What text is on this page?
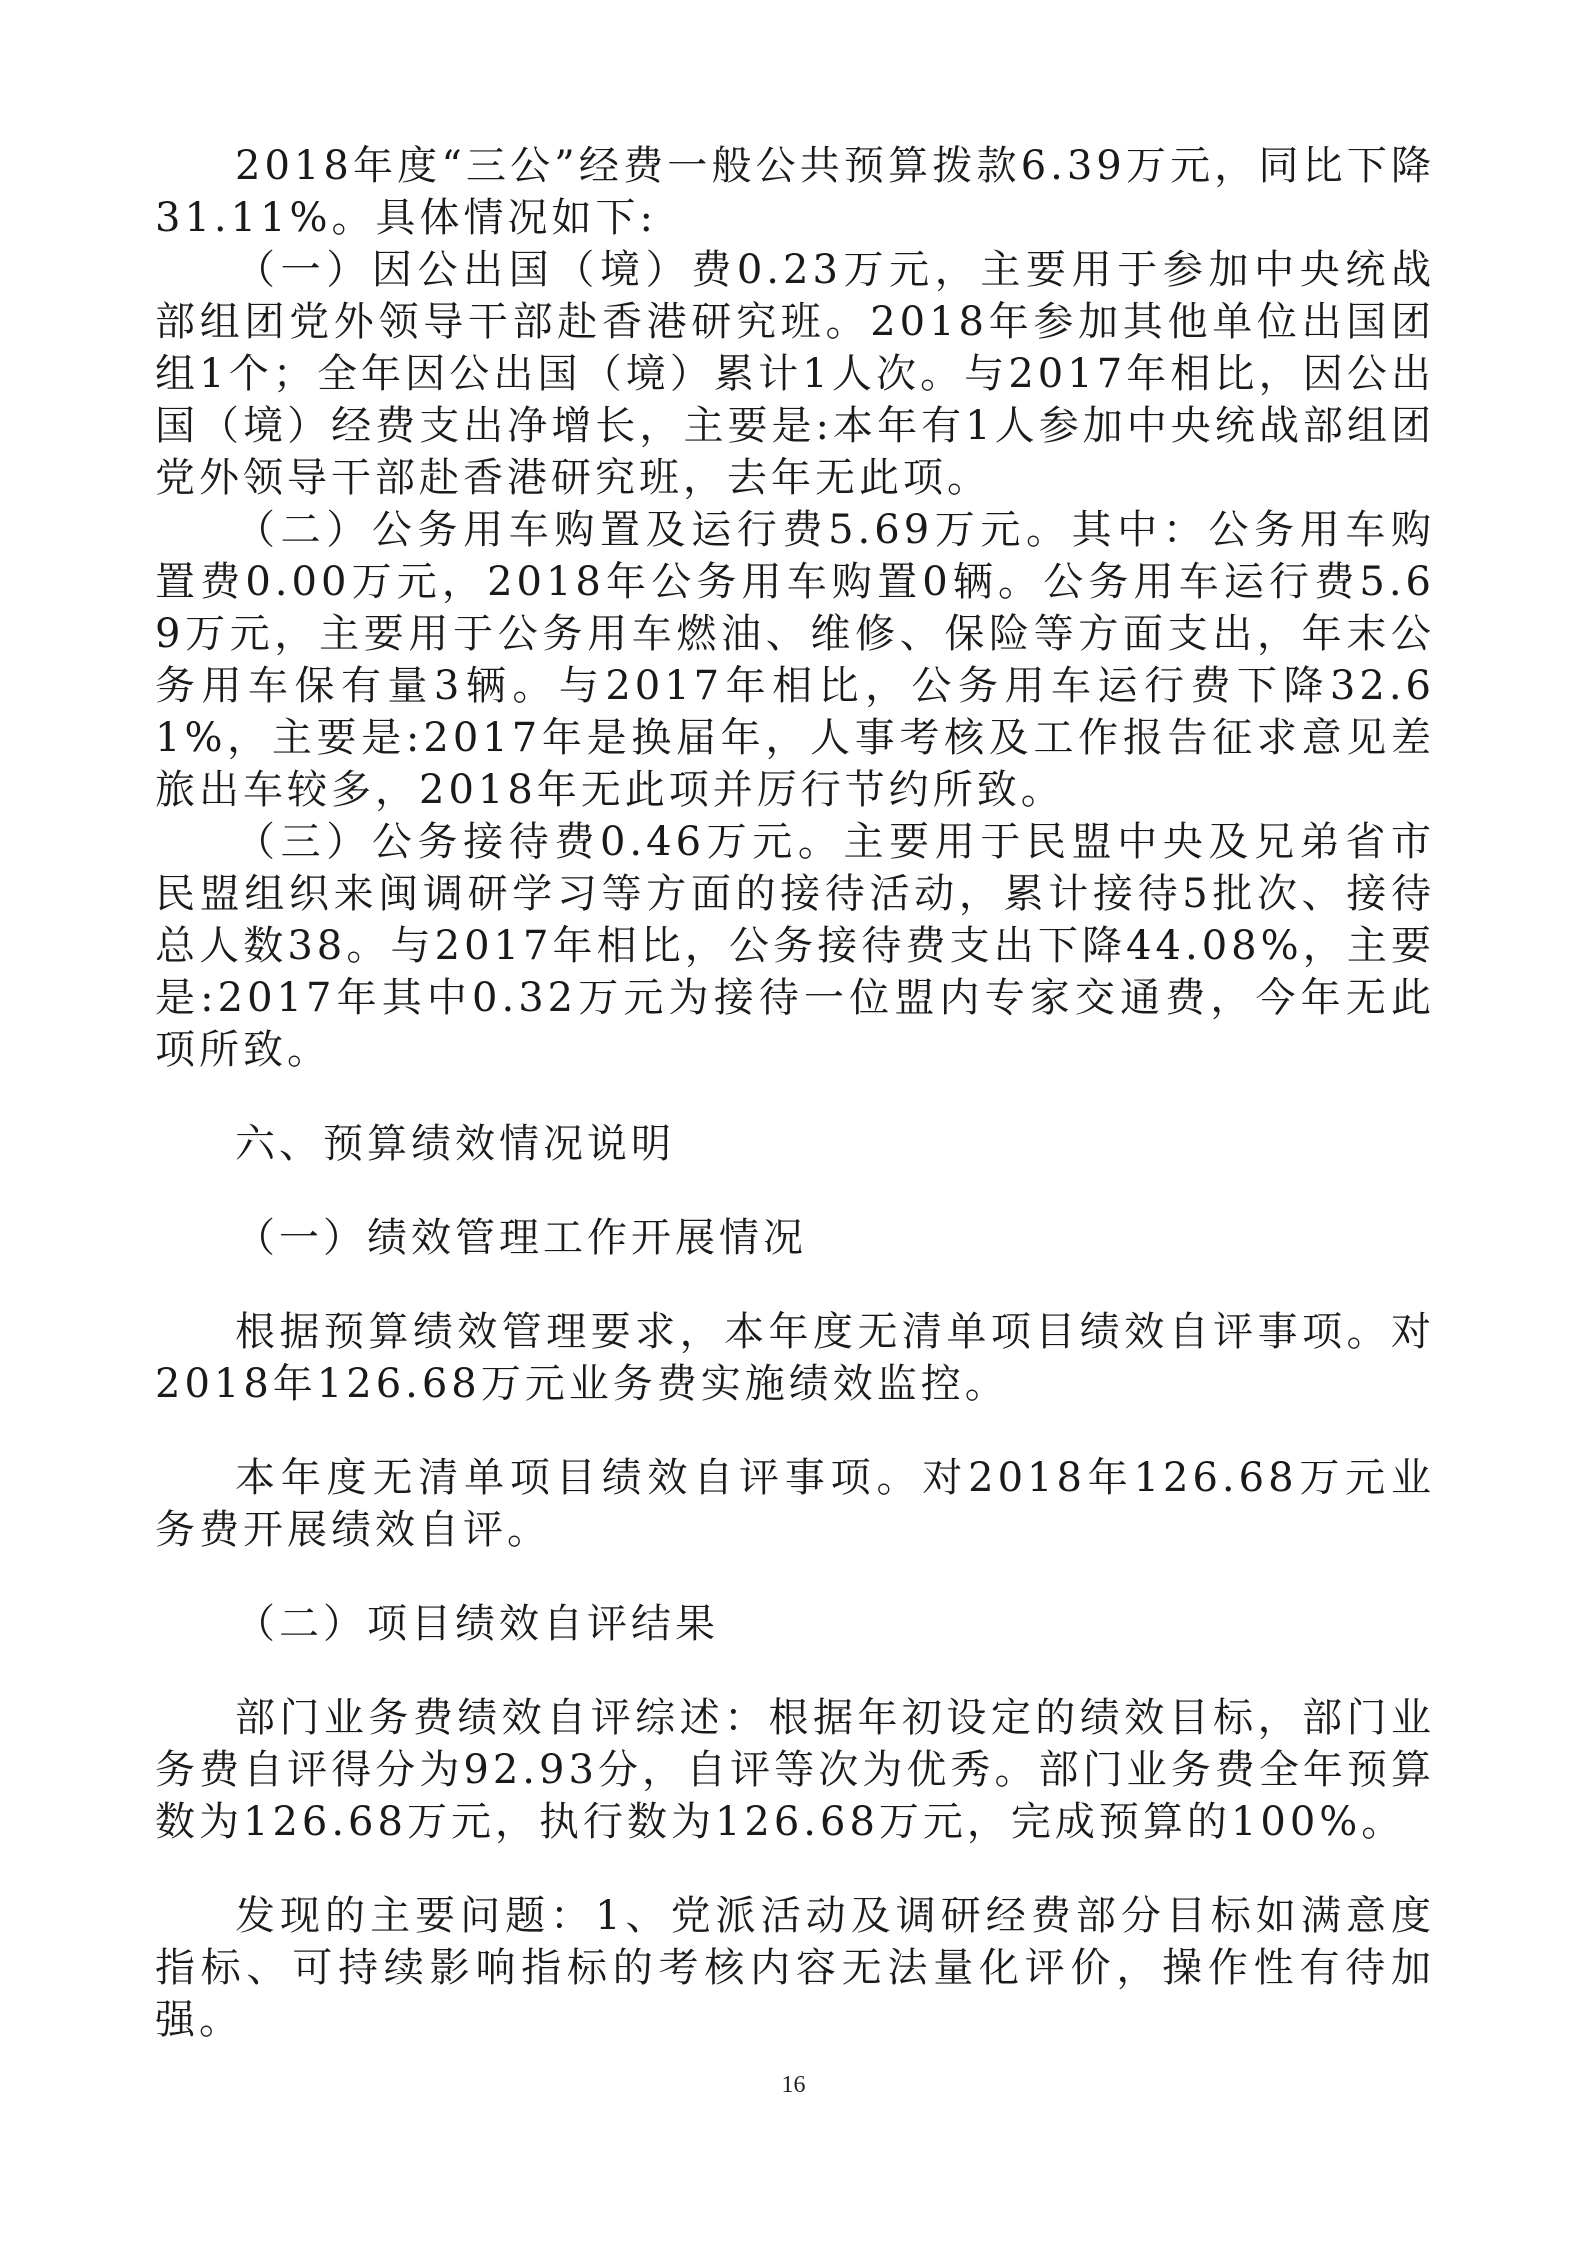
2018年度“三公”经费一般公共预算拨款6.39万元，同比下降31.11%。具体情况如下:

（一）因公出国（境）费0.23万元，主要用于参加中央统战部组团党外领导干部赴香港研究班。2018年参加其他单位出国团组1个；全年因公出国（境）累计1人次。与2017年相比，因公出国（境）经费支出净增长，主要是:本年有1人参加中央统战部组团党外领导干部赴香港研究班，去年无此项。

（二）公务用车购置及运行费5.69万元。其中：公务用车购置费0.00万元，2018年公务用车购置0辆。公务用车运行费5.69万元，主要用于公务用车燃油、维修、保险等方面支出，年末公务用车保有量3辆。与2017年相比，公务用车运行费下降32.61%，主要是:2017年是换届年，人事考核及工作报告征求意见差旅出车较多，2018年无此项并厉行节约所致。

（三）公务接待费0.46万元。主要用于民盟中央及兄弟省市民盟组织来闽调研学习等方面的接待活动，累计接待5批次、接待总人数38。与2017年相比，公务接待费支出下降44.08%，主要是:2017年其中0.32万元为接待一位盟内专家交通费，今年无此项所致。

六、预算绩效情况说明

（一）绩效管理工作开展情况

根据预算绩效管理要求，本年度无清单项目绩效自评事项。对2018年126.68万元业务费实施绩效监控。

本年度无清单项目绩效自评事项。对2018年126.68万元业务费开展绩效自评。

（二）项目绩效自评结果

部门业务费绩效自评综述：根据年初设定的绩效目标，部门业务费自评得分为92.93分，自评等次为优秀。部门业务费全年预算数为126.68万元，执行数为126.68万元，完成预算的100%。

发现的主要问题：1、党派活动及调研经费部分目标如满意度指标、可持续影响指标的考核内容无法量化评价，操作性有待加强。

16
